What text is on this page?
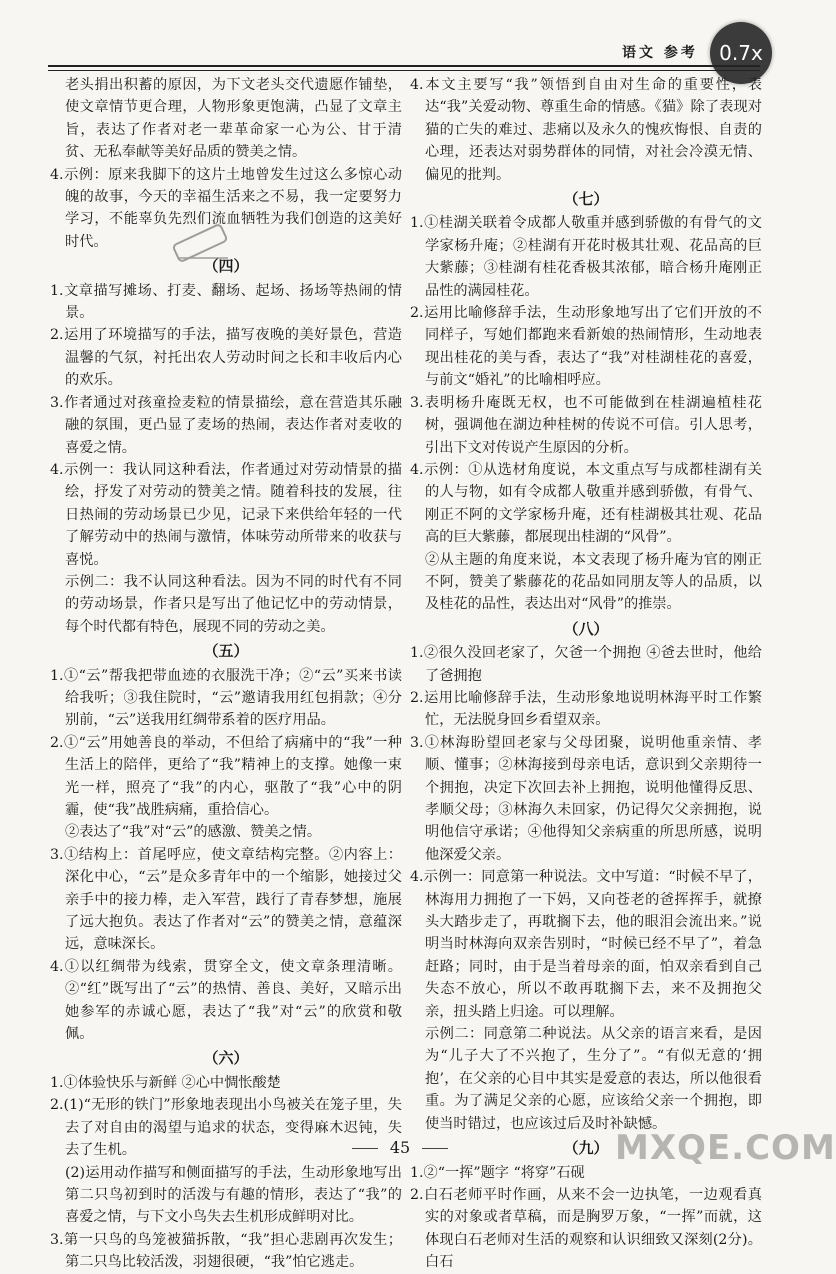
语文 参考	0.7x

老头捐出积蓄的原因，为下文老头交代遗愿作铺垫，使文章情节更合理，人物形象更饱满，凸显了文章主旨，表达了作者对老一辈革命家一心为公、甘于清贫、无私奉献等美好品质的赞美之情。

4.示例：原来我脚下的这片土地曾发生过这么多惊心动魄的故事，今天的幸福生活来之不易，我一定要努力学习，不能辜负先烈们流血牺牲为我们创造的这美好时代。

（四）

1.文章描写摊场、打麦、翻场、起场、扬场等热闹的情景。

2.运用了环境描写的手法，描写夜晚的美好景色，营造温馨的气氛，衬托出农人劳动时间之长和丰收后内心的欢乐。

3.作者通过对孩童捡麦粒的情景描绘，意在营造其乐融融的氛围，更凸显了麦场的热闹，表达作者对麦收的喜爱之情。

4.示例一：我认同这种看法，作者通过对劳动情景的描绘，抒发了对劳动的赞美之情。随着科技的发展，往日热闹的劳动场景已少见，记录下来供给年轻的一代了解劳动中的热闹与激情，体味劳动所带来的收获与喜悦。

示例二：我不认同这种看法。因为不同的时代有不同的劳动场景，作者只是写出了他记忆中的劳动情景，每个时代都有特色，展现不同的劳动之美。

（五）

1.①“云”帮我把带血迹的衣服洗干净；②“云”买来书读给我听；③我住院时，“云”邀请我用红包捐款；④分别前，“云”送我用红绸带系着的医疗用品。

2.①“云”用她善良的举动，不但给了病痛中的“我”一种生活上的陪伴，更给了“我”精神上的支撑。她像一束光一样，照亮了“我”的内心，驱散了“我”心中的阴霾，使“我”战胜病痛，重拾信心。

②表达了“我”对“云”的感激、赞美之情。

3.①结构上：首尾呼应，使文章结构完整。②内容上：深化中心，“云”是众多青年中的一个缩影，她接过父亲手中的接力棒，走入军营，践行了青春梦想，施展了远大抱负。表达了作者对“云”的赞美之情，意蕴深远，意味深长。

4.①以红绸带为线索，贯穿全文，使文章条理清晰。②“红”既写出了“云”的热情、善良、美好，又暗示出她参军的赤诚心愿，表达了“我”对“云”的欣赏和敬佩。

（六）

1.①体验快乐与新鲜 ②心中惆怅酸楚

2.(1)“无形的铁门”形象地表现出小鸟被关在笼子里，失去了对自由的渴望与追求的状态，变得麻木迟钝，失去了生机。

(2)运用动作描写和侧面描写的手法，生动形象地写出第二只鸟初到时的活泼与有趣的情形，表达了“我”的喜爱之情，与下文小鸟失去生机形成鲜明对比。

3.第一只鸟的鸟笼被猫拆散，“我”担心悲剧再次发生；第二只鸟比较活泼，羽翅很硬，“我”怕它逃走。

4.本文主要写“我”领悟到自由对生命的重要性，表达“我”关爱动物、尊重生命的情感。《猫》除了表现对猫的亡失的难过、悲痛以及永久的愧疚悔恨、自责的心理，还表达对弱势群体的同情，对社会冷漠无情、偏见的批判。

（七）

1.①桂湖关联着令成都人敬重并感到骄傲的有骨气的文学家杨升庵；②桂湖有开花时极其壮观、花品高的巨大紫藤；③桂湖有桂花香极其浓郁，暗合杨升庵刚正品性的满园桂花。

2.运用比喻修辞手法，生动形象地写出了它们开放的不同样子，写她们都跑来看新娘的热闹情形，生动地表现出桂花的美与香，表达了“我”对桂湖桂花的喜爱，与前文“婚礼”的比喻相呼应。

3.表明杨升庵既无权，也不可能做到在桂湖遍植桂花树，强调他在湖边种桂树的传说不可信。引人思考，引出下文对传说产生原因的分析。

4.示例：①从选材角度说，本文重点写与成都桂湖有关的人与物，如有令成都人敬重并感到骄傲，有骨气、刚正不阿的文学家杨升庵，还有桂湖极其壮观、花品高的巨大紫藤，都展现出桂湖的“风骨”。

②从主题的角度来说，本文表现了杨升庵为官的刚正不阿，赞美了紫藤花的花品如同朋友等人的品质，以及桂花的品性，表达出对“风骨”的推崇。

（八）

1.②很久没回老家了，欠爸一个拥抱 ④爸去世时，他给了爸拥抱

2.运用比喻修辞手法，生动形象地说明林海平时工作繁忙，无法脱身回乡看望双亲。

3.①林海盼望回老家与父母团聚，说明他重亲情、孝顺、懂事；②林海接到母亲电话，意识到父亲期待一个拥抱，决定下次回去补上拥抱，说明他懂得反思、孝顺父母；③林海久未回家，仍记得欠父亲拥抱，说明他信守承诺；④他得知父亲病重的所思所感，说明他深爱父亲。

4.示例一：同意第一种说法。文中写道：“时候不早了，林海用力拥抱了一下妈，又向苍老的爸挥挥手，就撩头大踏步走了，再耽搁下去，他的眼泪会流出来。”说明当时林海向双亲告别时，“时候已经不早了”，着急赶路；同时，由于是当着母亲的面，怕双亲看到自己失态不放心，所以不敢再耽搁下去，来不及拥抱父亲，扭头踏上归途。可以理解。

示例二：同意第二种说法。从父亲的语言来看，是因为“儿子大了不兴抱了，生分了”。“有似无意的‘拥抱’，在父亲的心目中其实是爱意的表达，所以他很看重。为了满足父亲的心愿，应该给父亲一个拥抱，即使当时错过，也应该过后及时补缺憾。

（九）

1.②“一挥”题字 “将穿”石砚

2.白石老师平时作画，从来不会一边执笔，一边观看真实的对象或者草稿，而是胸罗万象，“一挥”而就，这体现白石老师对生活的观察和认识细致又深刻(2分)。白石

45	MXQE.COM
